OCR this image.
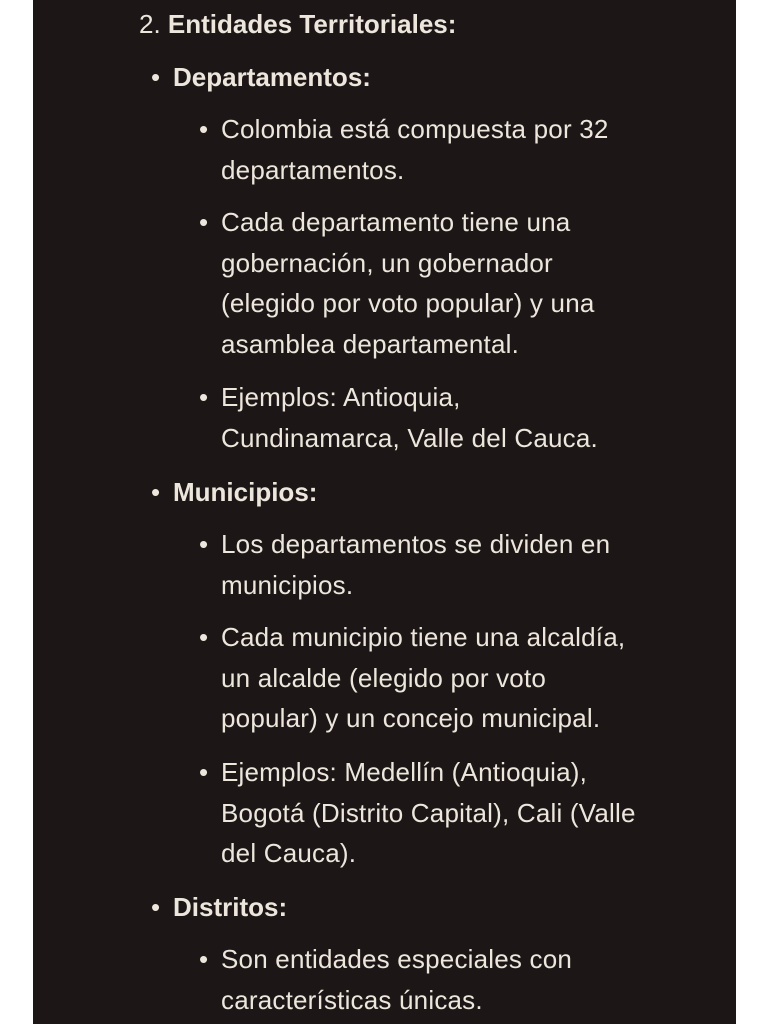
2. Entidades Territoriales:
• Departamentos:
• Colombia está compuesta por 32
departamentos.
• Cada departamento tiene una
gobernación, un gobernador
(elegido por voto popular) y una
asamblea departamental.
• Ejemplos: Antioquia,
Cundinamarca, Valle del Cauca.
• Municipios:
• Los departamentos se dividen en
municipios.
• Cada municipio tiene una alcaldía,
un alcalde (elegido por voto
popular) y un concejo municipal.
• Ejemplos: Medellín (Antioquia),
Bogotá (Distrito Capital), Cali (Valle
del Cauca).
• Distritos:
• Son entidades especiales con
características únicas.
